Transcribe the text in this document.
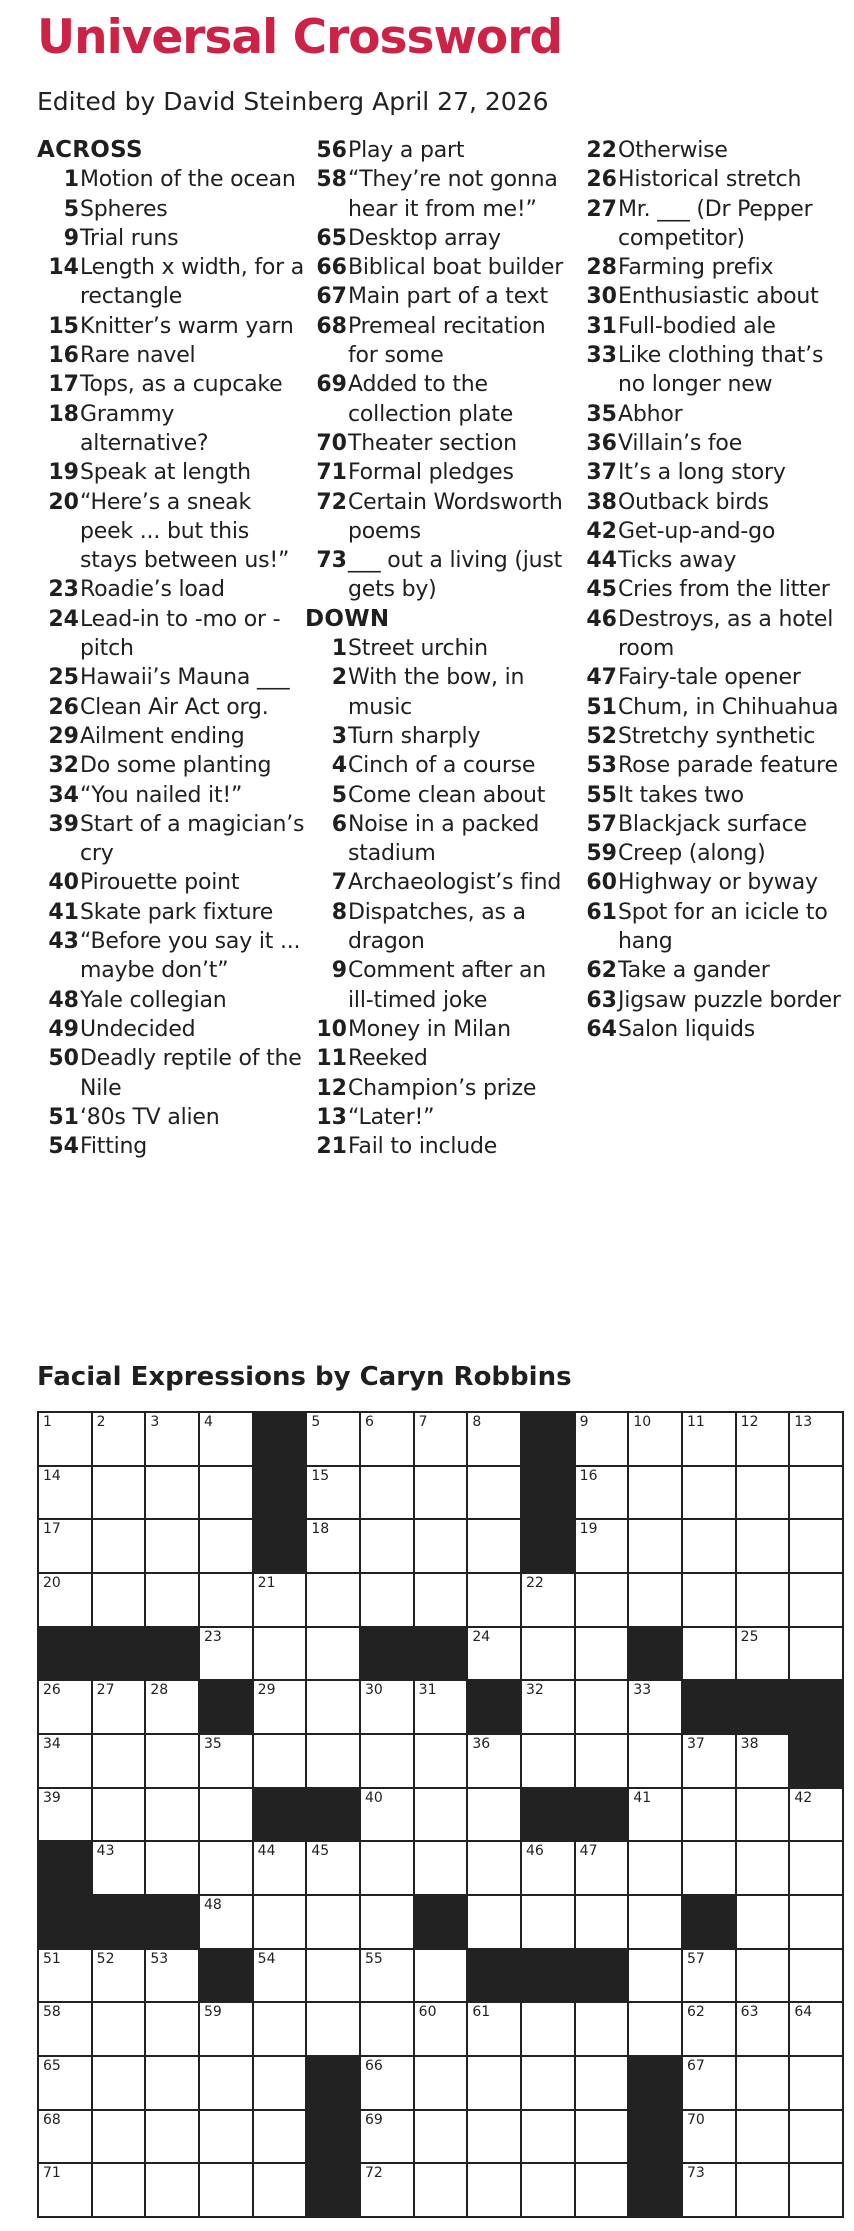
Universal Crossword
Edited by David Steinberg April 27, 2026
ACROSS
1 Motion of the ocean
5 Spheres
9 Trial runs
14 Length x width, for a rectangle
15 Knitter’s warm yarn
16 Rare navel
17 Tops, as a cupcake
18 Grammy alternative?
19 Speak at length
20 “Here’s a sneak peek ... but this stays between us!”
23 Roadie’s load
24 Lead-in to -mo or -pitch
25 Hawaii’s Mauna ___
26 Clean Air Act org.
29 Ailment ending
32 Do some planting
34 “You nailed it!”
39 Start of a magician’s cry
40 Pirouette point
41 Skate park fixture
43 “Before you say it ... maybe don’t”
48 Yale collegian
49 Undecided
50 Deadly reptile of the Nile
51 ‘80s TV alien
54 Fitting
56 Play a part
58 “They’re not gonna hear it from me!”
65 Desktop array
66 Biblical boat builder
67 Main part of a text
68 Premeal recitation for some
69 Added to the collection plate
70 Theater section
71 Formal pledges
72 Certain Wordsworth poems
73 ___ out a living (just gets by)
DOWN
1 Street urchin
2 With the bow, in music
3 Turn sharply
4 Cinch of a course
5 Come clean about
6 Noise in a packed stadium
7 Archaeologist’s find
8 Dispatches, as a dragon
9 Comment after an ill-timed joke
10 Money in Milan
11 Reeked
12 Champion’s prize
13 “Later!”
21 Fail to include
22 Otherwise
26 Historical stretch
27 Mr. ___ (Dr Pepper competitor)
28 Farming prefix
30 Enthusiastic about
31 Full-bodied ale
33 Like clothing that’s no longer new
35 Abhor
36 Villain’s foe
37 It’s a long story
38 Outback birds
42 Get-up-and-go
44 Ticks away
45 Cries from the litter
46 Destroys, as a hotel room
47 Fairy-tale opener
51 Chum, in Chihuahua
52 Stretchy synthetic
53 Rose parade feature
55 It takes two
57 Blackjack surface
59 Creep (along)
60 Highway or byway
61 Spot for an icicle to hang
62 Take a gander
63 Jigsaw puzzle border
64 Salon liquids
Facial Expressions by Caryn Robbins
1	2	3	4	5	6	7	8	9	10	11	12	13
14	15	16
17	18	19
20	21	22
23	24	25
26	27	28	29	30	31	32	33
34	35	36	37	38
39	40	41	42
43	44	45	46	47
48	49	50
51	52	53	54	55	56	57
58	59	60	61	62	63	64
65	66	67
68	69	70
71	72	73
